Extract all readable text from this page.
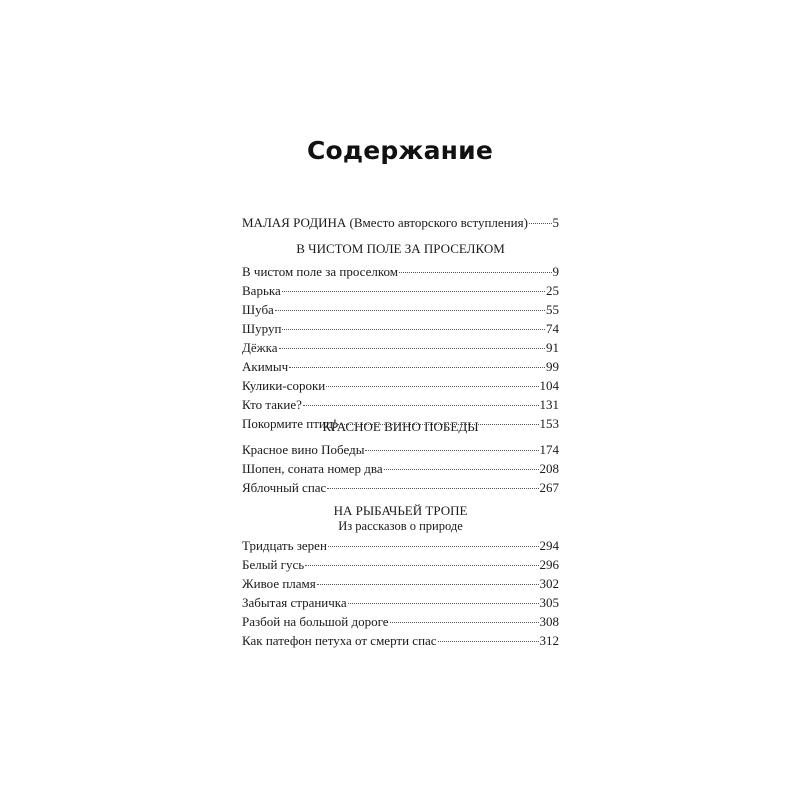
Содержание
МАЛАЯ РОДИНА (Вместо авторского вступления) 5
В ЧИСТОМ ПОЛЕ ЗА ПРОСЕЛКОМ
В чистом поле за проселком	9
Варька	25
Шуба	55
Шуруп	74
Дёжка	91
Акимыч	99
Кулики-сороки	104
Кто такие?	131
Покормите птиц!	153
КРАСНОЕ ВИНО ПОБЕДЫ
Красное вино Победы	174
Шопен, соната номер два	208
Яблочный спас	267
НА РЫБАЧЬЕЙ ТРОПЕ
Из рассказов о природе
Тридцать зерен	294
Белый гусь	296
Живое пламя	302
Забытая страничка	305
Разбой на большой дороге	308
Как патефон петуха от смерти спас	312
